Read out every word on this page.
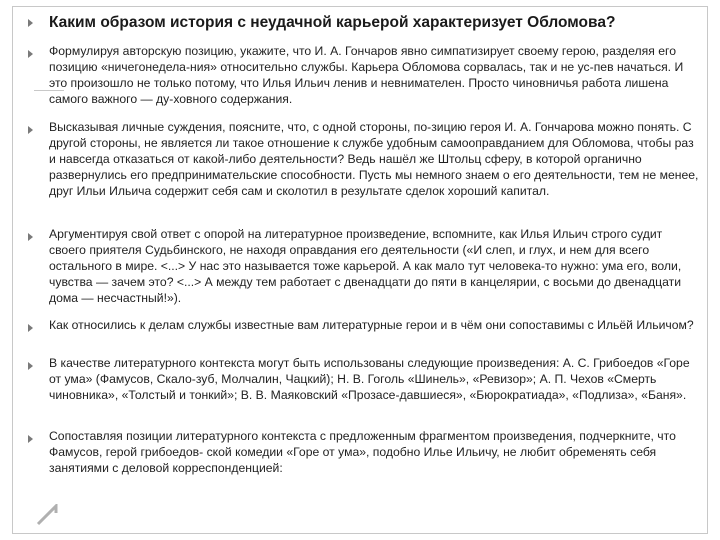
Каким образом история с неудачной карьерой характеризует Обломова?
Формулируя авторскую позицию, укажите, что И. А. Гончаров явно симпатизирует своему герою, разделяя его позицию «ничегонедела-ния» относительно службы. Карьера Обломова сорвалась, так и не ус-пев начаться. И это произошло не только потому, что Илья Ильич ленив и невнимателен. Просто чиновничья работа лишена самого важного — ду-ховного содержания.
Высказывая личные суждения, поясните, что, с одной стороны, по-зицию героя И. А. Гончарова можно понять. С другой стороны, не является ли такое отношение к службе удобным самооправданием для Обломова, чтобы раз и навсегда отказаться от какой-либо деятельности? Ведь нашёл же Штольц сферу, в которой органично развернулись его предпринимательские способности. Пусть мы немного знаем о его деятельности, тем не менее, друг Ильи Ильича содержит себя сам и сколотил в результате сделок хороший капитал.
Аргументируя свой ответ с опорой на литературное произведение, вспомните, как Илья Ильич строго судит своего приятеля Судьбинского, не находя оправдания его деятельности («И слеп, и глух, и нем для всего остального в мире. <...> У нас это называется тоже карьерой. А как мало тут человека-то нужно: ума его, воли, чувства — зачем это? <...> А между тем работает с двенадцати до пяти в канцелярии, с восьми до двенадцати дома — несчастный!»).
Как относились к делам службы известные вам литературные герои и в чём они сопоставимы с Ильёй Ильичом?
В качестве литературного контекста могут быть использованы следующие произведения: А. С. Грибоедов «Горе от ума» (Фамусов, Скало-зуб, Молчалин, Чацкий); Н. В. Гоголь «Шинель», «Ревизор»; А. П. Чехов «Смерть чиновника», «Толстый и тонкий»; В. В. Маяковский «Прозасе-давшиеся», «Бюрократиада», «Подлиза», «Баня».
Сопоставляя позиции литературного контекста с предложенным фрагментом произведения, подчеркните, что Фамусов, герой грибоедов- ской комедии «Горе от ума», подобно Илье Ильичу, не любит обременять себя занятиями с деловой корреспонденцией:
